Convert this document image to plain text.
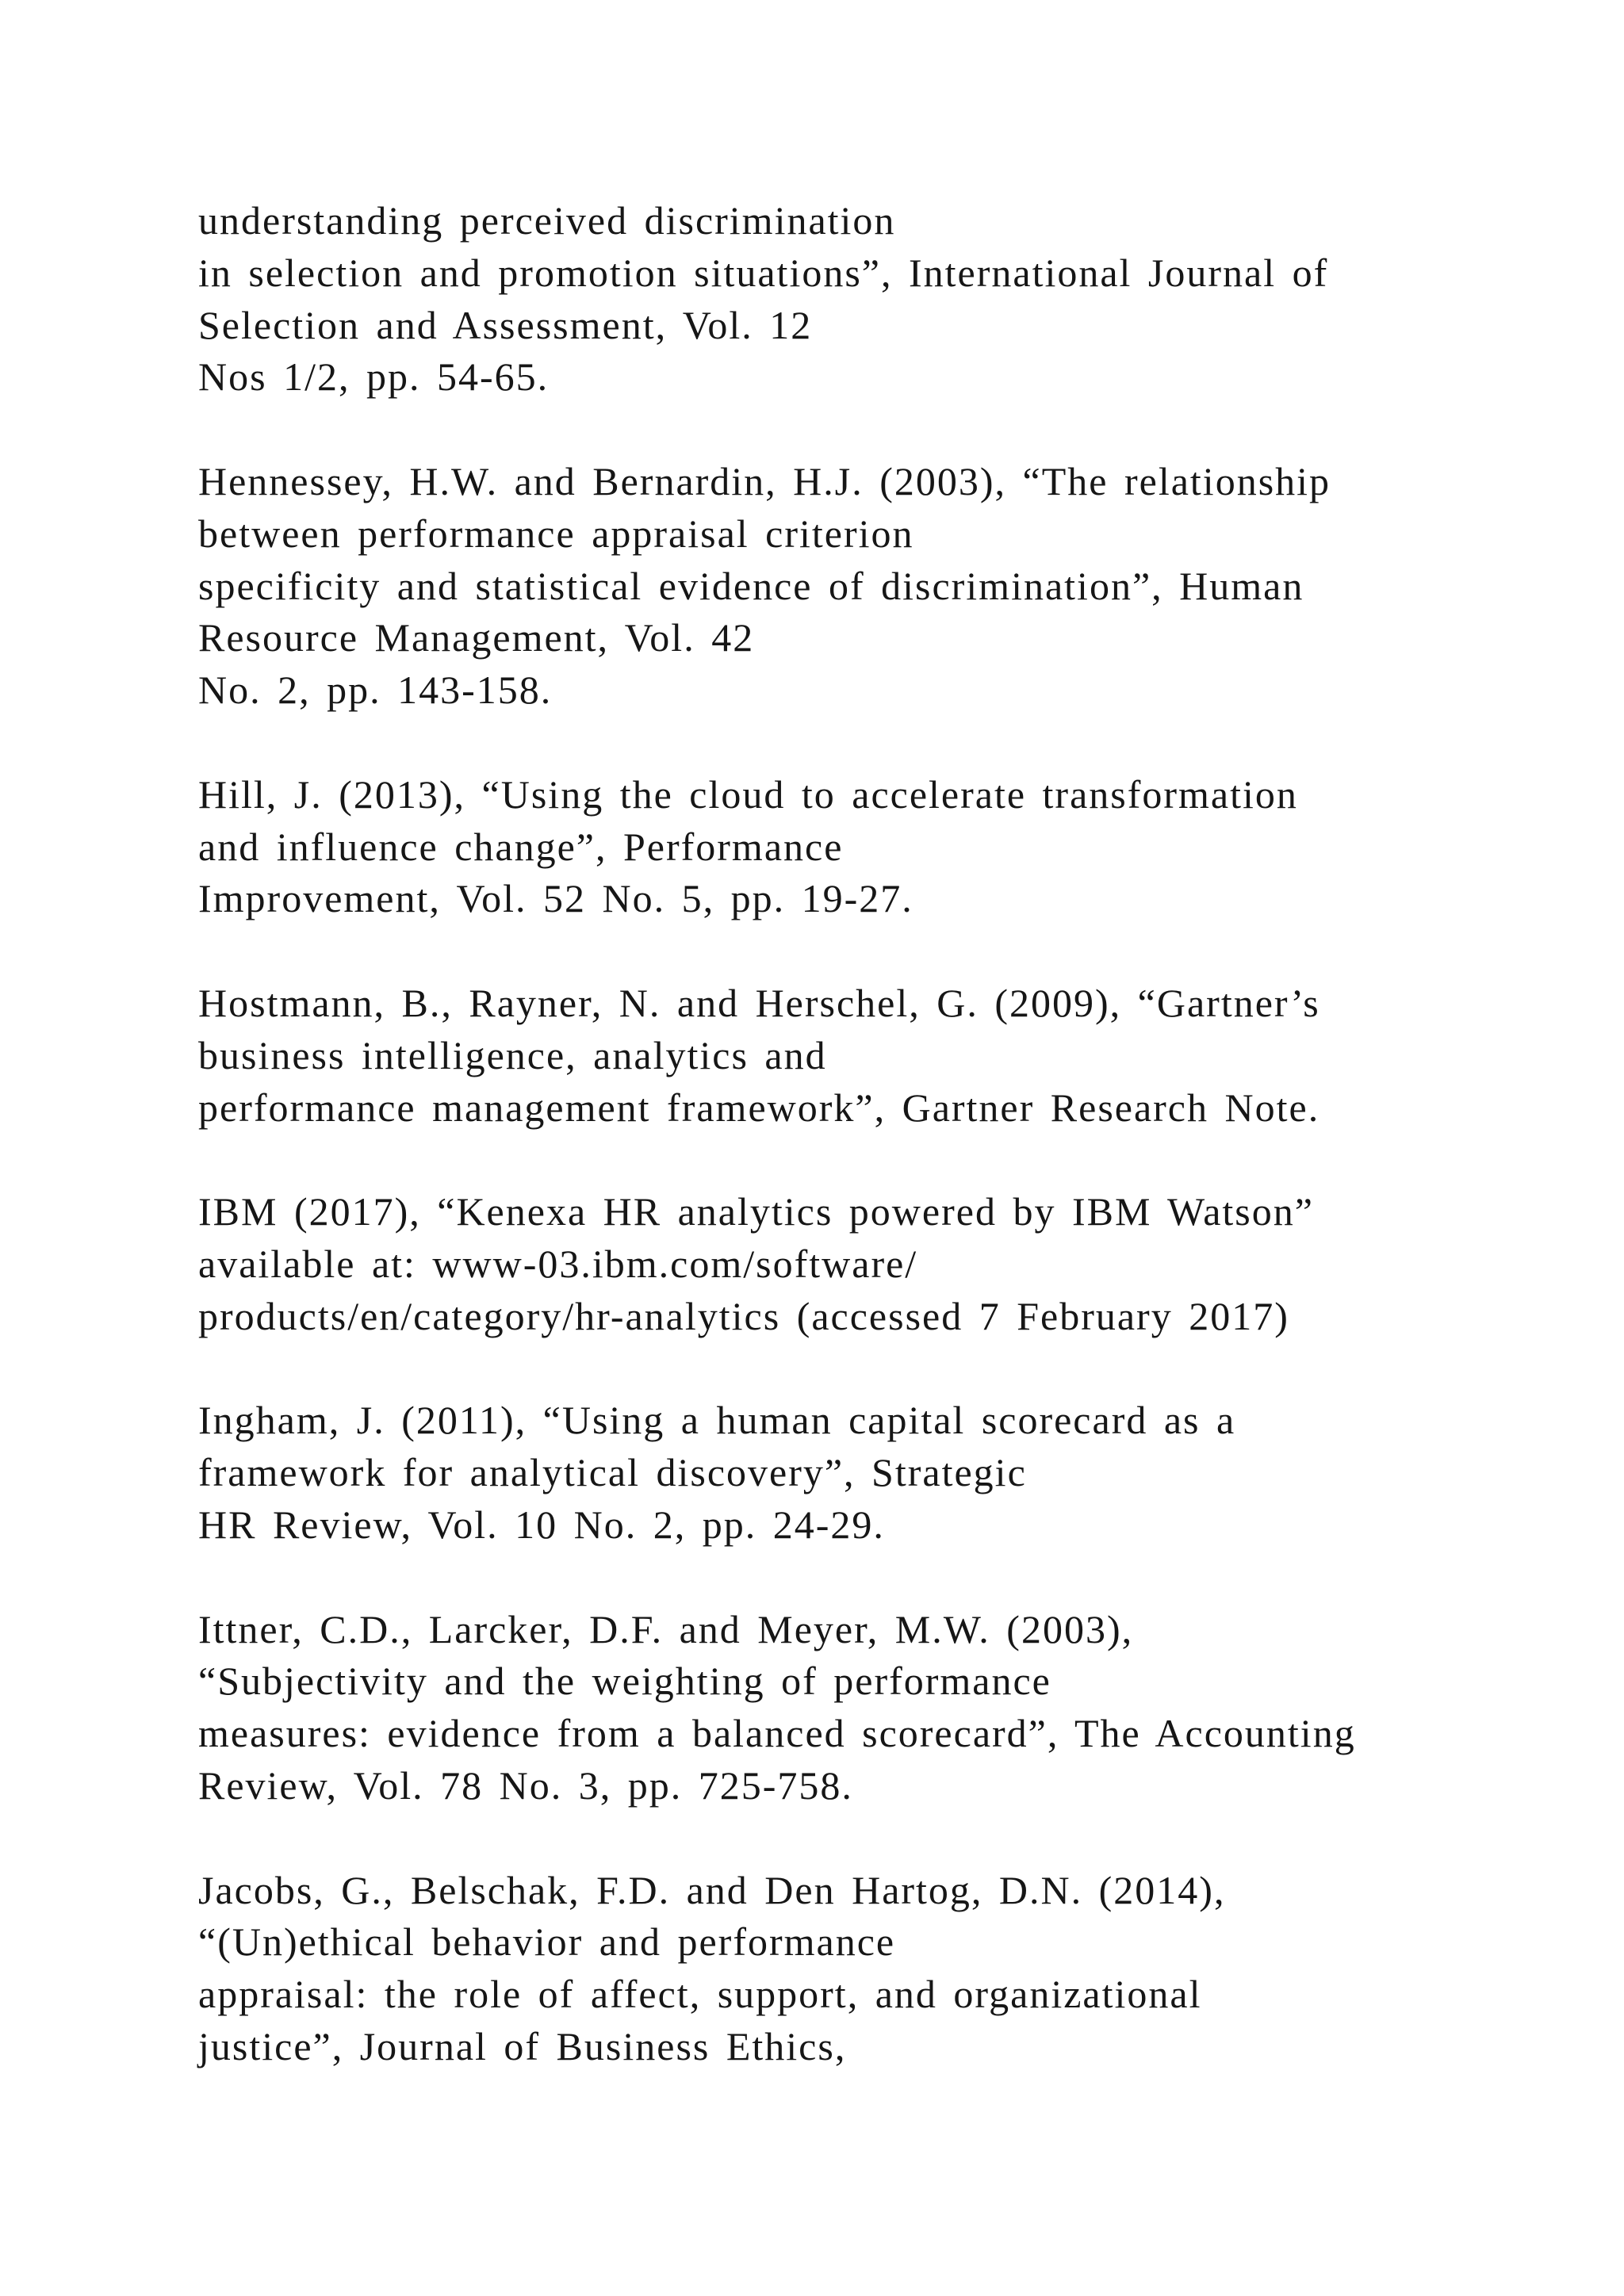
understanding perceived discrimination
in selection and promotion situations”, International Journal of
Selection and Assessment, Vol. 12
Nos 1/2, pp. 54-65.

Hennessey, H.W. and Bernardin, H.J. (2003), “The relationship
between performance appraisal criterion
specificity and statistical evidence of discrimination”, Human
Resource Management, Vol. 42
No. 2, pp. 143-158.

Hill, J. (2013), “Using the cloud to accelerate transformation
and influence change”, Performance
Improvement, Vol. 52 No. 5, pp. 19-27.

Hostmann, B., Rayner, N. and Herschel, G. (2009), “Gartner’s
business intelligence, analytics and
performance management framework”, Gartner Research Note.

IBM (2017), “Kenexa HR analytics powered by IBM Watson”
available at: www-03.ibm.com/software/
products/en/category/hr-analytics (accessed 7 February 2017)

Ingham, J. (2011), “Using a human capital scorecard as a
framework for analytical discovery”, Strategic
HR Review, Vol. 10 No. 2, pp. 24-29.

Ittner, C.D., Larcker, D.F. and Meyer, M.W. (2003),
“Subjectivity and the weighting of performance
measures: evidence from a balanced scorecard”, The Accounting
Review, Vol. 78 No. 3, pp. 725-758.

Jacobs, G., Belschak, F.D. and Den Hartog, D.N. (2014),
“(Un)ethical behavior and performance
appraisal: the role of affect, support, and organizational
justice”, Journal of Business Ethics,
